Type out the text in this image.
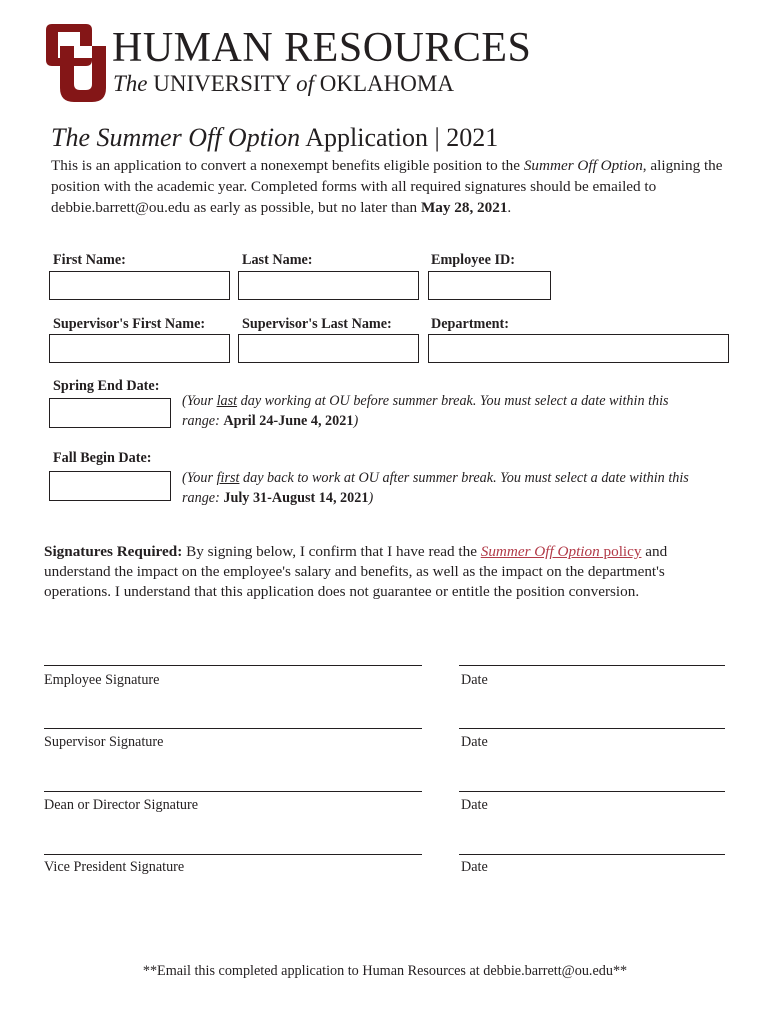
HUMAN RESOURCES
The UNIVERSITY of OKLAHOMA
The Summer Off Option Application | 2021
This is an application to convert a nonexempt benefits eligible position to the Summer Off Option, aligning the position with the academic year. Completed forms with all required signatures should be emailed to debbie.barrett@ou.edu as early as possible, but no later than May 28, 2021.
First Name:	Last Name:	Employee ID:
Supervisor's First Name:	Supervisor's Last Name:	Department:
Spring End Date:
(Your last day working at OU before summer break. You must select a date within this range: April 24-June 4, 2021)
Fall Begin Date:
(Your first day back to work at OU after summer break. You must select a date within this range: July 31-August 14, 2021)
Signatures Required: By signing below, I confirm that I have read the Summer Off Option policy and understand the impact on the employee's salary and benefits, as well as the impact on the department's operations. I understand that this application does not guarantee or entitle the position conversion.
Employee Signature	Date
Supervisor Signature	Date
Dean or Director Signature	Date
Vice President Signature	Date
**Email this completed application to Human Resources at debbie.barrett@ou.edu**
